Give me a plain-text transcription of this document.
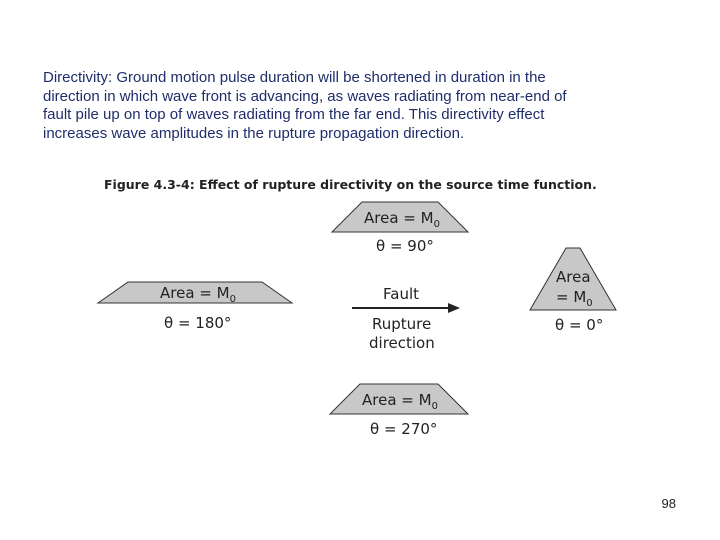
Directivity: Ground motion pulse duration will be shortened in duration in the
direction in which wave front is advancing, as waves radiating from near-end of
fault pile up on top of waves radiating from the far end. This directivity effect
increases wave amplitudes in the rupture propagation direction.

Figure 4.3-4: Effect of rupture directivity on the source time function.
Area = $M_0$
θ = 90°
Area = $M_0$
θ = 180°
Area
= $M_0$
θ = 0°
Area = $M_0$
θ = 270°
Fault
Rupture
direction
98
